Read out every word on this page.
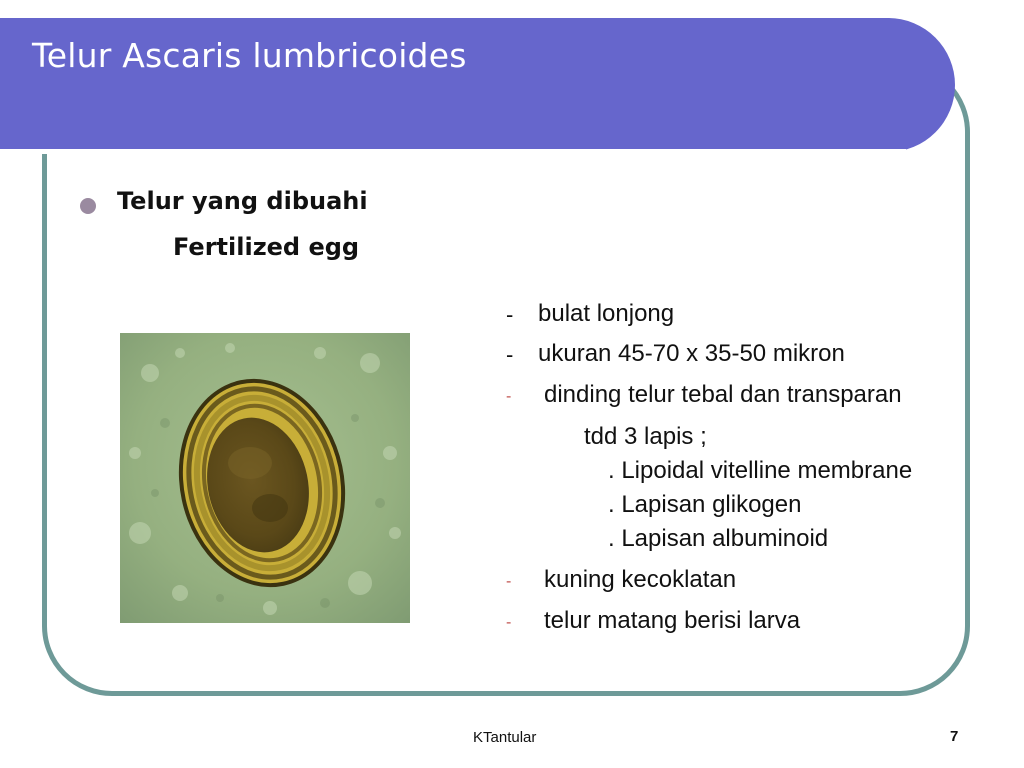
Telur Ascaris lumbricoides
Telur yang dibuahi
Fertilized egg
- bulat lonjong
- ukuran 45-70 x 35-50 mikron
- dinding telur tebal dan transparan
tdd 3 lapis ;
. Lipoidal vitelline membrane
. Lapisan glikogen
. Lapisan albuminoid
- kuning kecoklatan
- telur matang berisi larva
KTantular	7
